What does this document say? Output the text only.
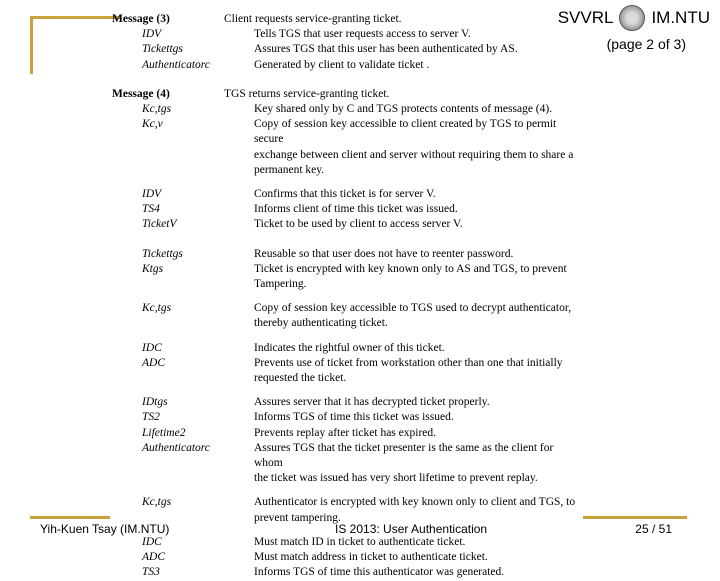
SVVRL IM.NTU
(page 2 of 3)
Message (3)	Client requests service-granting ticket.
IDV	Tells TGS that user requests access to server V.
Tickettgs	Assures TGS that this user has been authenticated by AS.
Authenticatorc	Generated by client to validate ticket .
Message (4)	TGS returns service-granting ticket.
Kc,tgs	Key shared only by C and TGS protects contents of message (4).
Kc,v	Copy of session key accessible to client created by TGS to permit secure
exchange between client and server without requiring them to share a
permanent key.
IDV	Confirms that this ticket is for server V.
TS4	Informs client of time this ticket was issued.
TicketV	Ticket to be used by client to access server V.
Tickettgs	Reusable so that user does not have to reenter password.
Ktgs	Ticket is encrypted with key known only to AS and TGS, to prevent
Tampering.
Kc,tgs	Copy of session key accessible to TGS used to decrypt authenticator,
thereby authenticating ticket.
IDC	Indicates the rightful owner of this ticket.
ADC	Prevents use of ticket from workstation other than one that initially
requested the ticket.
IDtgs	Assures server that it has decrypted ticket properly.
TS2	Informs TGS of time this ticket was issued.
Lifetime2	Prevents replay after ticket has expired.
Authenticatorc	Assures TGS that the ticket presenter is the same as the client for whom
the ticket was issued has very short lifetime to prevent replay.
Kc,tgs	Authenticator is encrypted with key known only to client and TGS, to
prevent tampering.
IDC	Must match ID in ticket to authenticate ticket.
ADC	Must match address in ticket to authenticate ticket.
TS3	Informs TGS of time this authenticator was generated.
Yih-Kuen Tsay (IM.NTU)	IS 2013: User Authentication	25 / 51
